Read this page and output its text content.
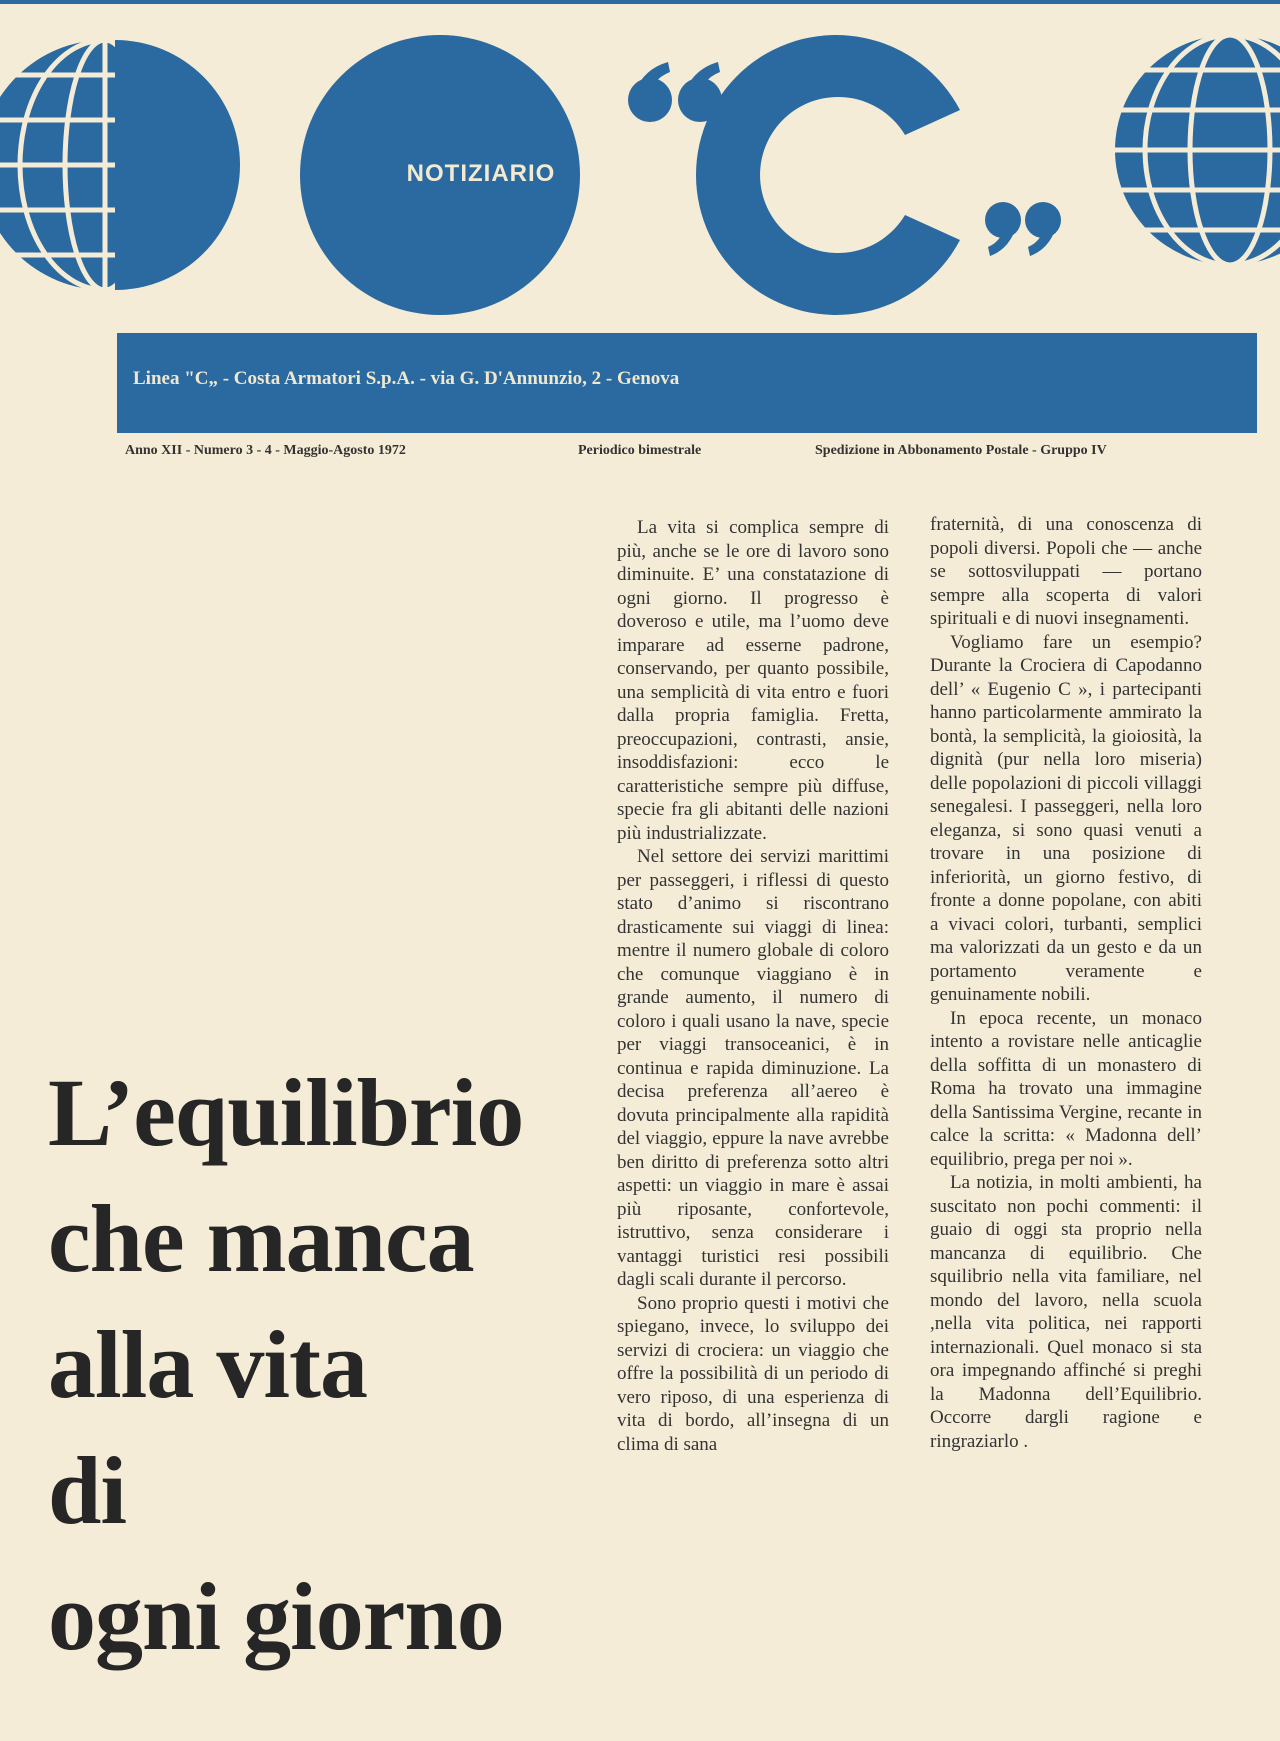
NOTIZIARIO
Linea "C„ - Costa Armatori S.p.A. - via G. D'Annunzio, 2 - Genova
Anno XII - Numero 3 - 4 - Maggio-Agosto 1972	Periodico bimestrale	Spedizione in Abbonamento Postale - Gruppo IV
L’equilibrio
che manca
alla vita
di
ogni giorno

La vita si complica sempre di più, anche se le ore di lavoro sono diminuite. E’ una constatazione di ogni giorno. Il progresso è doveroso e utile, ma l’uomo deve imparare ad esserne padrone, conservando, per quanto possibile, una semplicità di vita entro e fuori dalla propria famiglia. Fretta, preoccupazioni, contrasti, ansie, insoddisfazioni: ecco le caratteristiche sempre più diffuse, specie fra gli abitanti delle nazioni più industrializzate.

Nel settore dei servizi marittimi per passeggeri, i riflessi di questo stato d’animo si riscontrano drasticamente sui viaggi di linea: mentre il numero globale di coloro che comunque viaggiano è in grande aumento, il numero di coloro i quali usano la nave, specie per viaggi transoceanici, è in continua e rapida diminuzione. La decisa preferenza all’aereo è dovuta principalmente alla rapidità del viaggio, eppure la nave avrebbe ben diritto di preferenza sotto altri aspetti: un viaggio in mare è assai più riposante, confortevole, istruttivo, senza considerare i vantaggi turistici resi possibili dagli scali durante il percorso.

Sono proprio questi i motivi che spiegano, invece, lo sviluppo dei servizi di crociera: un viaggio che offre la possibilità di un periodo di vero riposo, di una esperienza di vita di bordo, all’insegna di un clima di sana

fraternità, di una conoscenza di popoli diversi. Popoli che — anche se sottosviluppati — portano sempre alla scoperta di valori spirituali e di nuovi insegnamenti.

Vogliamo fare un esempio? Durante la Crociera di Capodanno dell’ « Eugenio C », i partecipanti hanno particolarmente ammirato la bontà, la semplicità, la gioiosità, la dignità (pur nella loro miseria) delle popolazioni di piccoli villaggi senegalesi. I passeggeri, nella loro eleganza, si sono quasi venuti a trovare in una posizione di inferiorità, un giorno festivo, di fronte a donne popolane, con abiti a vivaci colori, turbanti, semplici ma valorizzati da un gesto e da un portamento veramente e genuinamente nobili.

In epoca recente, un monaco intento a rovistare nelle anticaglie della soffitta di un monastero di Roma ha trovato una immagine della Santissima Vergine, recante in calce la scritta: « Madonna dell’ equilibrio, prega per noi ».

La notizia, in molti ambienti, ha suscitato non pochi commenti: il guaio di oggi sta proprio nella mancanza di equilibrio. Che squilibrio nella vita familiare, nel mondo del lavoro, nella scuola ,nella vita politica, nei rapporti internazionali. Quel monaco si sta ora impegnando affinché si preghi la Madonna dell’Equilibrio. Occorre dargli ragione e ringraziarlo .
